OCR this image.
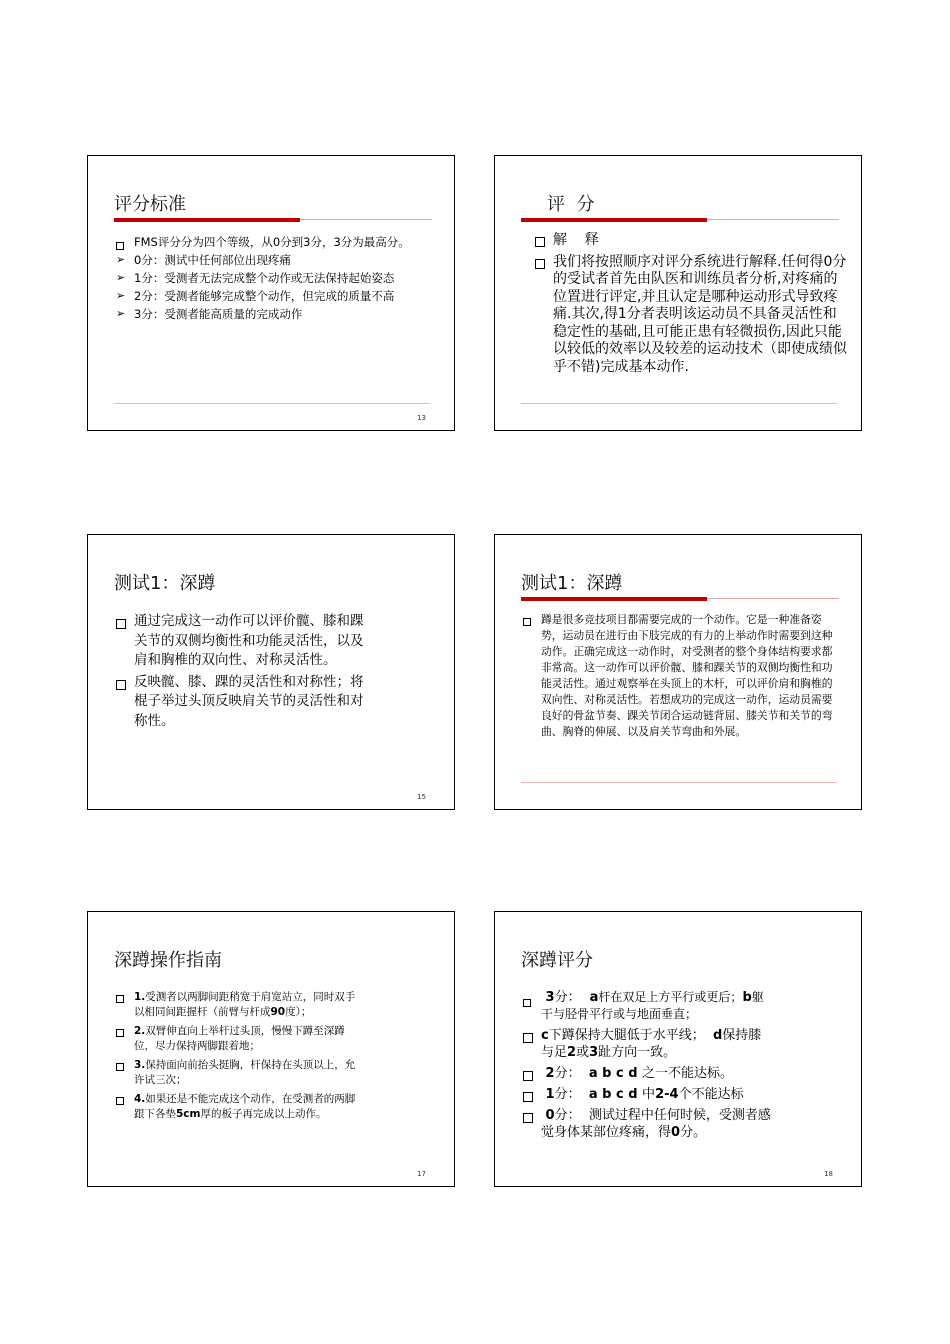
评分标准
FMS评分分为四个等级，从0分到3分，3分为最高分。
➢ 0分：测试中任何部位出现疼痛
➢ 1分：受测者无法完成整个动作或无法保持起始姿态
➢ 2分：受测者能够完成整个动作，但完成的质量不高
➢ 3分：受测者能高质量的完成动作
13
评  分
解    释
我们将按照顺序对评分系统进行解释.任何得0分的受试者首先由队医和训练员者分析,对疼痛的位置进行评定,并且认定是哪种运动形式导致疼痛.其次,得1分者表明该运动员不具备灵活性和稳定性的基础,且可能正患有轻微损伤,因此只能以较低的效率以及较差的运动技术（即使成绩似乎不错)完成基本动作.
测试1：深蹲
通过完成这一动作可以评价髋、膝和踝关节的双侧均衡性和功能灵活性，以及肩和胸椎的双向性、对称灵活性。
反映髋、膝、踝的灵活性和对称性；将棍子举过头顶反映肩关节的灵活性和对称性。
15
测试1：深蹲
蹲是很多竞技项目都需要完成的一个动作。它是一种准备姿势，运动员在进行由下肢完成的有力的上举动作时需要到这种动作。正确完成这一动作时，对受测者的整个身体结构要求都非常高。这一动作可以评价髋、膝和踝关节的双侧均衡性和功能灵活性。通过观察举在头顶上的木杆，可以评价肩和胸椎的双向性、对称灵活性。若想成功的完成这一动作，运动员需要良好的骨盆节奏、踝关节闭合运动链背屈、膝关节和关节的弯曲、胸脊的伸展、以及肩关节弯曲和外展。
深蹲操作指南
1.受测者以两脚间距稍宽于肩宽站立，同时双手以相同间距握杆（前臂与杆成90度）；
2.双臂伸直向上举杆过头顶，慢慢下蹲至深蹲位，尽力保持两脚跟着地；
3.保持面向前抬头挺胸，杆保持在头顶以上，允许试三次；
4.如果还是不能完成这个动作，在受测者的两脚跟下各垫5cm厚的板子再完成以上动作。
17
深蹲评分
3分：  a杆在双足上方平行或更后；b躯干与胫骨平行或与地面垂直；
c下蹲保持大腿低于水平线；  d保持膝与足2或3趾方向一致。
2分：  a b c d 之一不能达标。
1分：  a b c d 中2-4个不能达标
0分：  测试过程中任何时候，受测者感觉身体某部位疼痛，得0分。
18
